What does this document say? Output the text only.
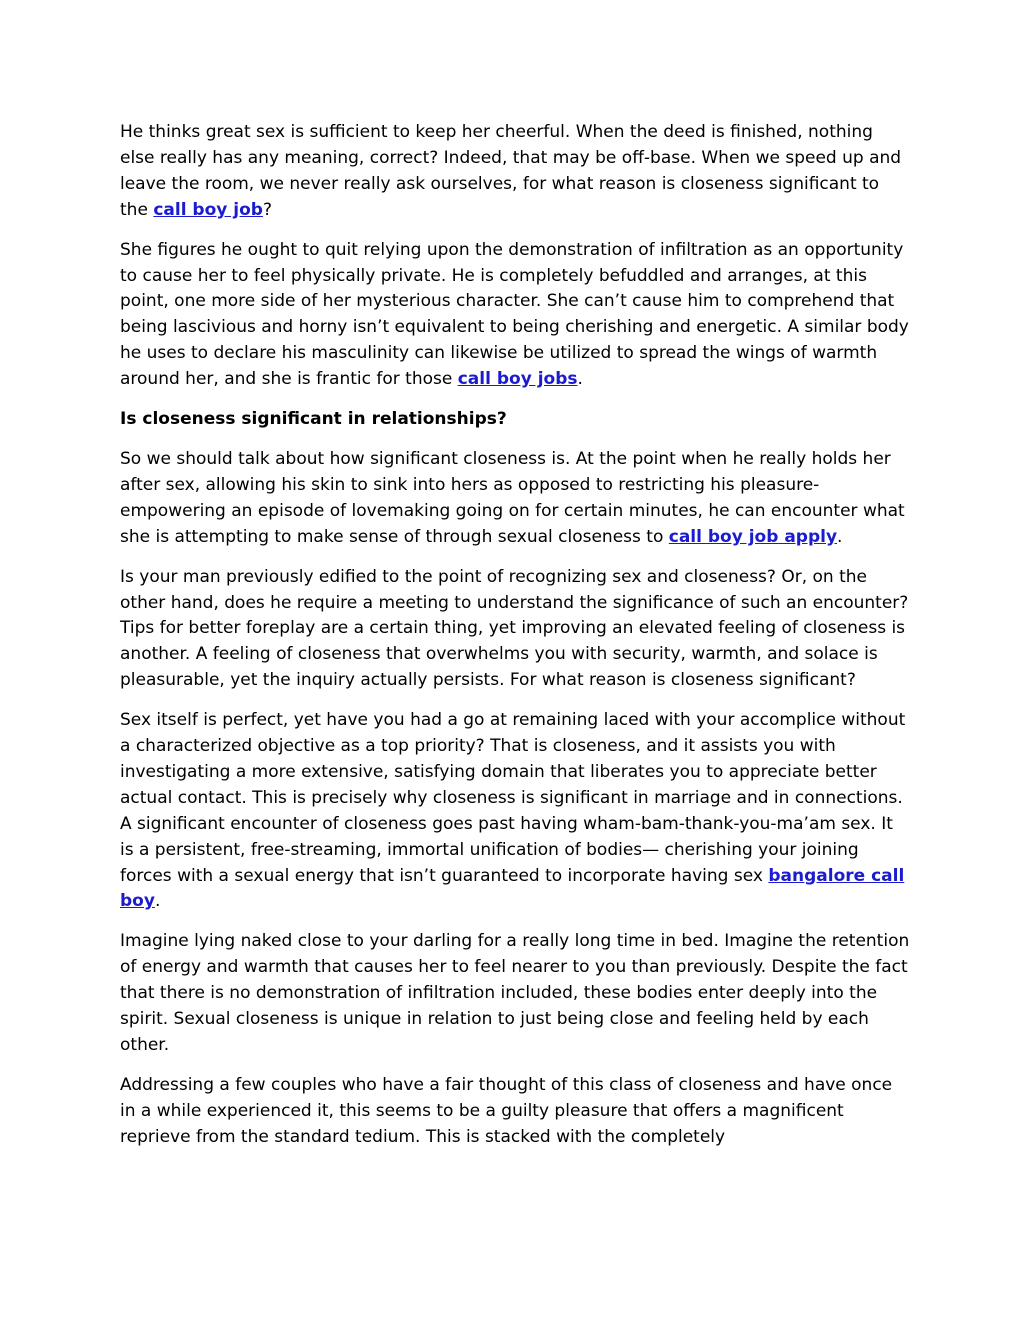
He thinks great sex is sufficient to keep her cheerful. When the deed is finished, nothing else really has any meaning, correct? Indeed, that may be off-base. When we speed up and leave the room, we never really ask ourselves, for what reason is closeness significant to the call boy job?

She figures he ought to quit relying upon the demonstration of infiltration as an opportunity to cause her to feel physically private. He is completely befuddled and arranges, at this point, one more side of her mysterious character. She can’t cause him to comprehend that being lascivious and horny isn’t equivalent to being cherishing and energetic. A similar body he uses to declare his masculinity can likewise be utilized to spread the wings of warmth around her, and she is frantic for those call boy jobs.

Is closeness significant in relationships?

So we should talk about how significant closeness is. At the point when he really holds her after sex, allowing his skin to sink into hers as opposed to restricting his pleasure-empowering an episode of lovemaking going on for certain minutes, he can encounter what she is attempting to make sense of through sexual closeness to call boy job apply.

Is your man previously edified to the point of recognizing sex and closeness? Or, on the other hand, does he require a meeting to understand the significance of such an encounter? Tips for better foreplay are a certain thing, yet improving an elevated feeling of closeness is another. A feeling of closeness that overwhelms you with security, warmth, and solace is pleasurable, yet the inquiry actually persists. For what reason is closeness significant?

Sex itself is perfect, yet have you had a go at remaining laced with your accomplice without a characterized objective as a top priority? That is closeness, and it assists you with investigating a more extensive, satisfying domain that liberates you to appreciate better actual contact. This is precisely why closeness is significant in marriage and in connections. A significant encounter of closeness goes past having wham-bam-thank-you-ma’am sex. It is a persistent, free-streaming, immortal unification of bodies— cherishing your joining forces with a sexual energy that isn’t guaranteed to incorporate having sex bangalore call boy.

Imagine lying naked close to your darling for a really long time in bed. Imagine the retention of energy and warmth that causes her to feel nearer to you than previously. Despite the fact that there is no demonstration of infiltration included, these bodies enter deeply into the spirit. Sexual closeness is unique in relation to just being close and feeling held by each other.

Addressing a few couples who have a fair thought of this class of closeness and have once in a while experienced it, this seems to be a guilty pleasure that offers a magnificent reprieve from the standard tedium. This is stacked with the completely
